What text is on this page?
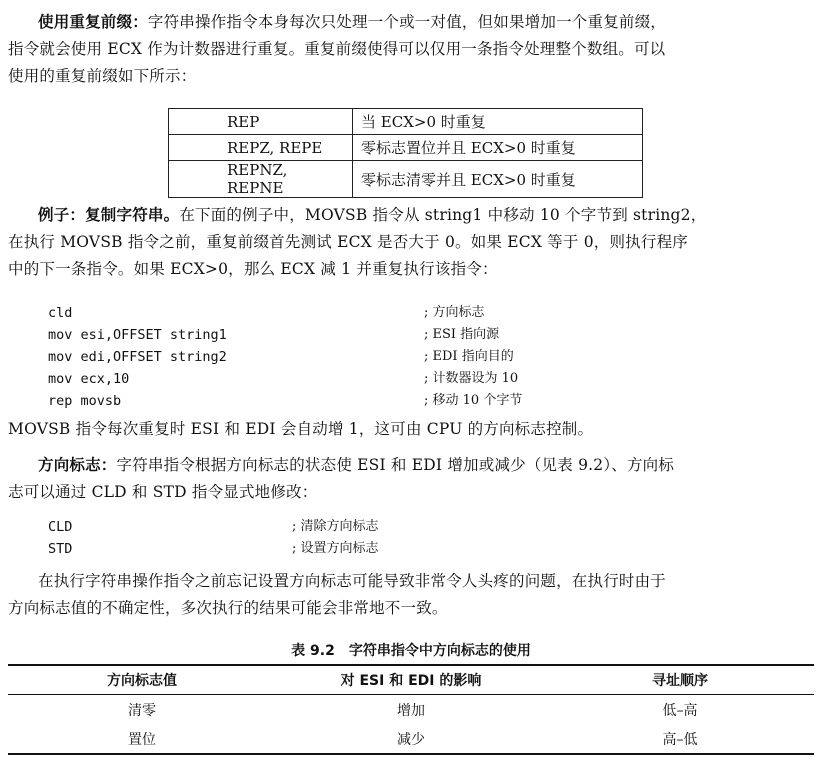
使用重复前缀：字符串操作指令本身每次只处理一个或一对值，但如果增加一个重复前缀，
指令就会使用 ECX 作为计数器进行重复。重复前缀使得可以仅用一条指令处理整个数组。可以
使用的重复前缀如下所示：

REP	当 ECX>0 时重复
REPZ, REPE	零标志置位并且 ECX>0 时重复
REPNZ, REPNE	零标志清零并且 ECX>0 时重复

例子：复制字符串。在下面的例子中，MOVSB 指令从 string1 中移动 10 个字节到 string2，
在执行 MOVSB 指令之前，重复前缀首先测试 ECX 是否大于 0。如果 ECX 等于 0，则执行程序
中的下一条指令。如果 ECX>0，那么 ECX 减 1 并重复执行该指令：

cld	; 方向标志
mov esi,OFFSET string1	; ESI 指向源
mov edi,OFFSET string2	; EDI 指向目的
mov ecx,10	; 计数器设为 10
rep movsb	; 移动 10 个字节

MOVSB 指令每次重复时 ESI 和 EDI 会自动增 1，这可由 CPU 的方向标志控制。

方向标志：字符串指令根据方向标志的状态使 ESI 和 EDI 增加或减少（见表 9.2）、方向标
志可以通过 CLD 和 STD 指令显式地修改：

CLD	; 清除方向标志
STD	; 设置方向标志

在执行字符串操作指令之前忘记设置方向标志可能导致非常令人头疼的问题，在执行时由于
方向标志值的不确定性，多次执行的结果可能会非常地不一致。

表 9.2　字符串指令中方向标志的使用
方向标志值	对 ESI 和 EDI 的影响	寻址顺序
清零	增加	低–高
置位	减少	高–低
